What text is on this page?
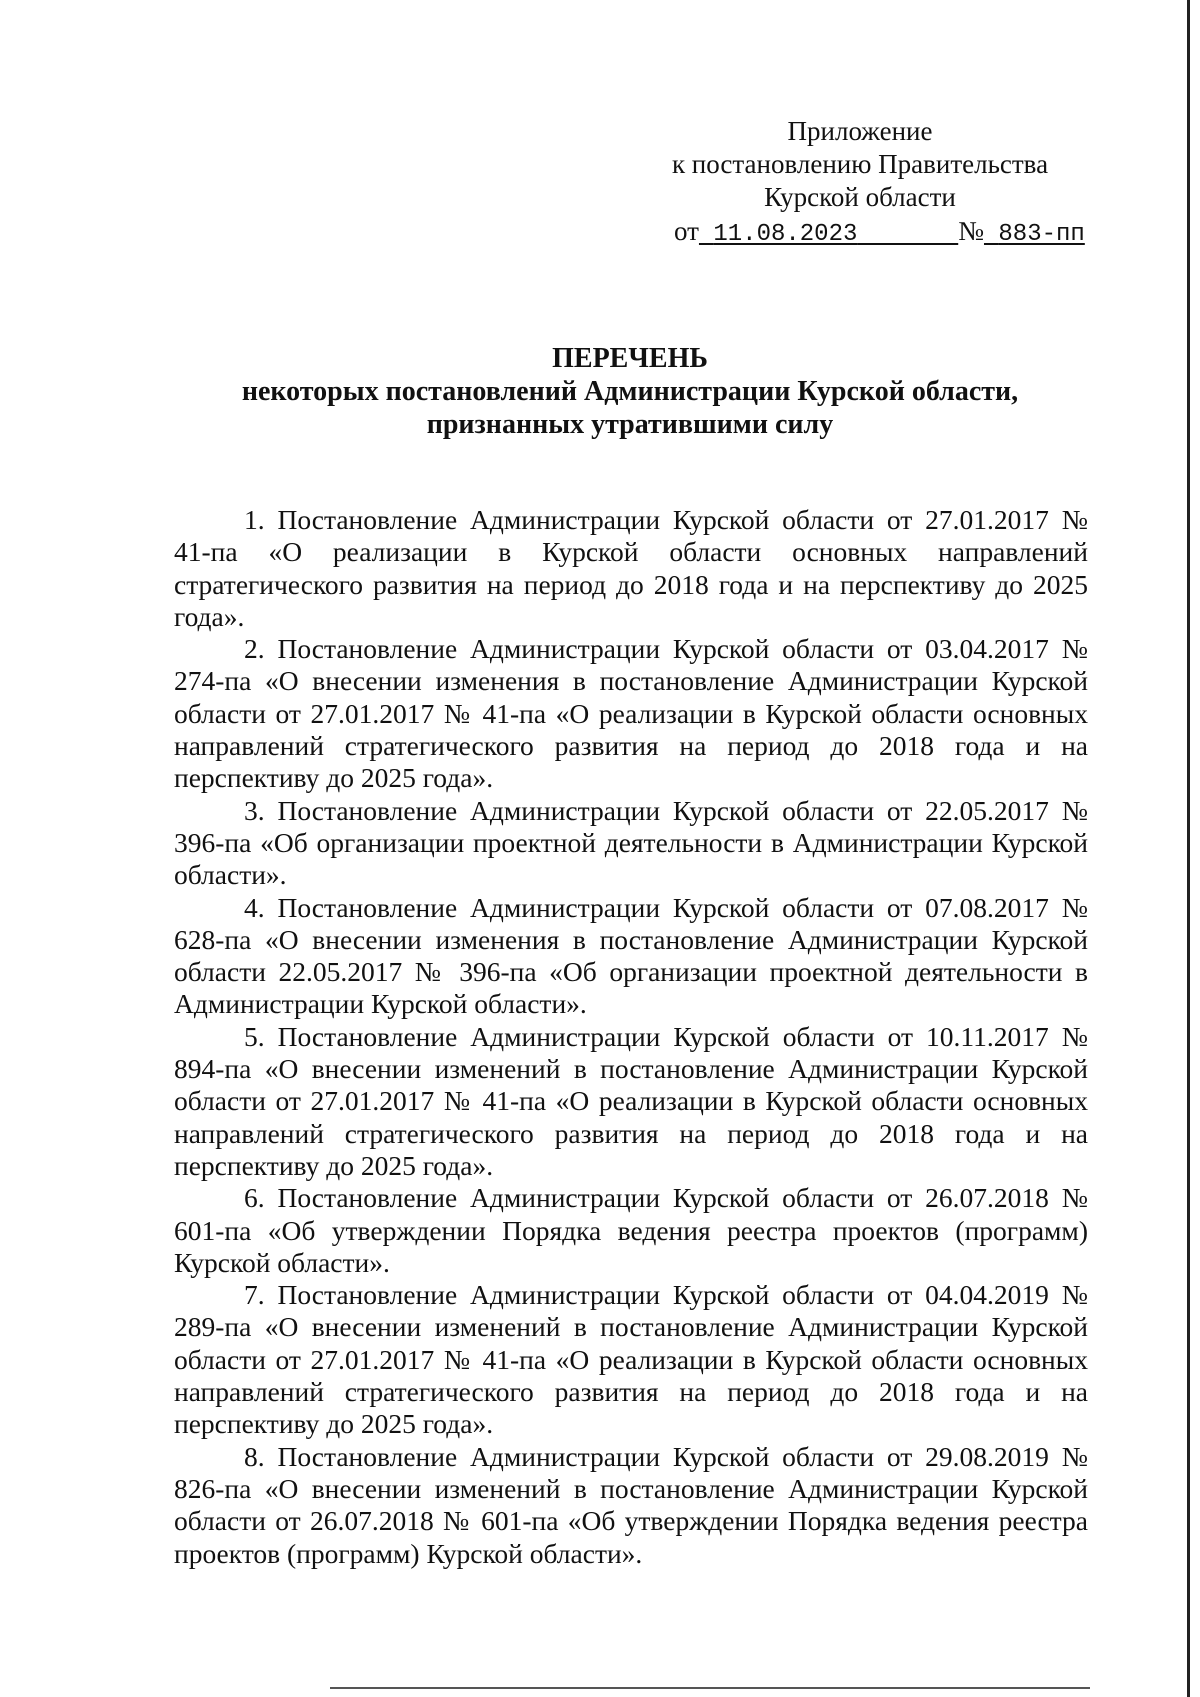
Приложение
к постановлению Правительства
Курской области
от 11.08.2023	№ 883-пп
ПЕРЕЧЕНЬ
некоторых постановлений Администрации Курской области,
признанных утратившими силу

1. Постановление Администрации Курской области от 27.01.2017 № 41-па «О реализации в Курской области основных направлений стратегического развития на период до 2018 года и на перспективу до 2025 года».

2. Постановление Администрации Курской области от 03.04.2017 № 274-па «О внесении изменения в постановление Администрации Курской области от 27.01.2017 № 41-па «О реализации в Курской области основных направлений стратегического развития на период до 2018 года и на перспективу до 2025 года».

3. Постановление Администрации Курской области от 22.05.2017 № 396-па «Об организации проектной деятельности в Администрации Курской области».

4. Постановление Администрации Курской области от 07.08.2017 № 628-па «О внесении изменения в постановление Администрации Курской области 22.05.2017 № 396-па «Об организации проектной деятельности в Администрации Курской области».

5. Постановление Администрации Курской области от 10.11.2017 № 894-па «О внесении изменений в постановление Администрации Курской области от 27.01.2017 № 41-па «О реализации в Курской области основных направлений стратегического развития на период до 2018 года и на перспективу до 2025 года».

6. Постановление Администрации Курской области от 26.07.2018 № 601-па «Об утверждении Порядка ведения реестра проектов (программ) Курской области».

7. Постановление Администрации Курской области от 04.04.2019 № 289-па «О внесении изменений в постановление Администрации Курской области от 27.01.2017 № 41-па «О реализации в Курской области основных направлений стратегического развития на период до 2018 года и на перспективу до 2025 года».

8. Постановление Администрации Курской области от 29.08.2019 № 826-па «О внесении изменений в постановление Администрации Курской области от 26.07.2018 № 601-па «Об утверждении Порядка ведения реестра проектов (программ) Курской области».
